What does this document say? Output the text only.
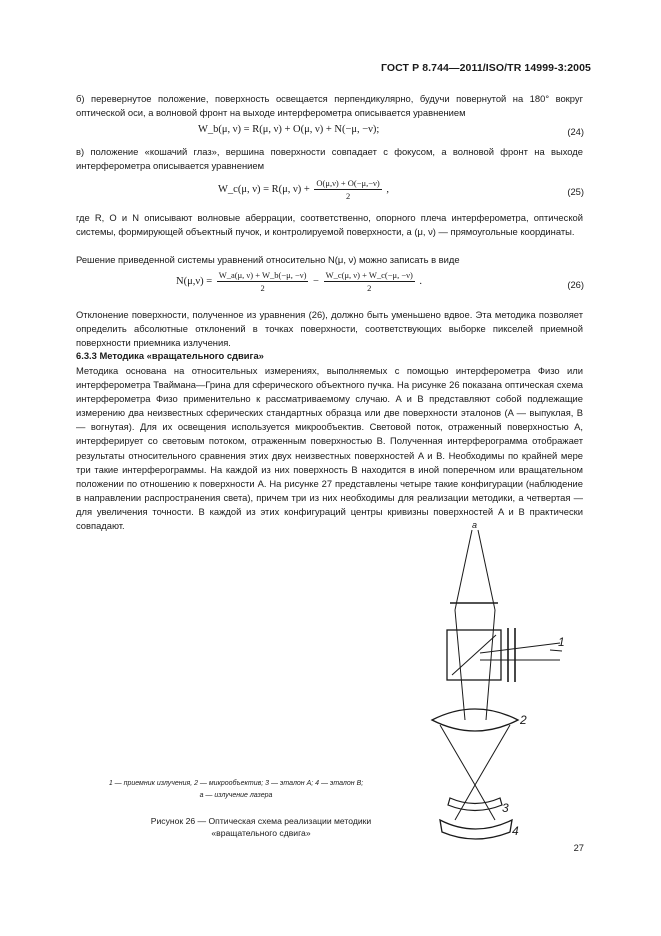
ГОСТ Р 8.744—2011/ISO/TR 14999-3:2005
б) перевернутое положение, поверхность освещается перпендикулярно, будучи повернутой на 180° вокруг оптической оси, а волновой фронт на выходе интерферометра описывается уравнением
W_b(μ, ν) = R(μ, ν) + O(μ, ν) + N(−μ, −ν);	(24)
в) положение «кошачий глаз», вершина поверхности совпадает с фокусом, а волновой фронт на выходе интерферометра описывается уравнением
W_c(μ, ν) = R(μ, $\nu) + \frac{O(\mu,\nu) + O(-\mu,-\nu)}{2}$ ,	(25)
где R, O и N описывают волновые аберрации, соответственно, опорного плеча интерферометра, оптической системы, формирующей объектный пучок, и контролируемой поверхности, а (μ, ν) — прямоугольные координаты.
Решение приведенной системы уравнений относительно N(μ, ν) можно записать в виде
$N(\mu,\nu) = \frac{W\_a(\mu, \nu) + W\_b(-\mu, -\nu)}{2} - \frac{W\_c(\mu, \nu) + W\_c(-\mu, -\nu)}{2}$ .	(26)
Отклонение поверхности, полученное из уравнения (26), должно быть уменьшено вдвое. Эта методика позволяет определить абсолютные отклонений в точках поверхности, соответствующих выборке пикселей приемной поверхности приемника излучения.
6.3.3 Методика «вращательного сдвига»
Методика основана на относительных измерениях, выполняемых с помощью интерферометра Физо или интерферометра Тваймана—Грина для сферического объектного пучка. На рисунке 26 показана оптическая схема интерферометра Физо применительно к рассматриваемому случаю. A и B представляют собой подлежащие измерению два неизвестных сферических стандартных образца или две поверхности эталонов (A — выпуклая, B — вогнутая). Для их освещения используется микрообъектив. Световой поток, отраженный поверхностью A, интерферирует со световым потоком, отраженным поверхностью B. Полученная интерферограмма отображает результаты относительного сравнения этих двух неизвестных поверхностей A и B. Необходимы по крайней мере три такие интерферограммы. На каждой из них поверхность B находится в иной поперечном или вращательном положении по отношению к поверхности A. На рисунке 27 представлены четыре такие конфигурации (наблюдение в направлении распространения света), причем три из них необходимы для реализации методики, а четвертая — для увеличения точности. В каждой из этих конфигураций центры кривизны поверхностей A и B практически совпадают.	а
1
2
3
4
1 — приемник излучения, 2 — микрообъектив; 3 — эталон A; 4 — эталон B;
а — излучение лазера
Рисунок 26 — Оптическая схема реализации методики
«вращательного сдвига»
27
